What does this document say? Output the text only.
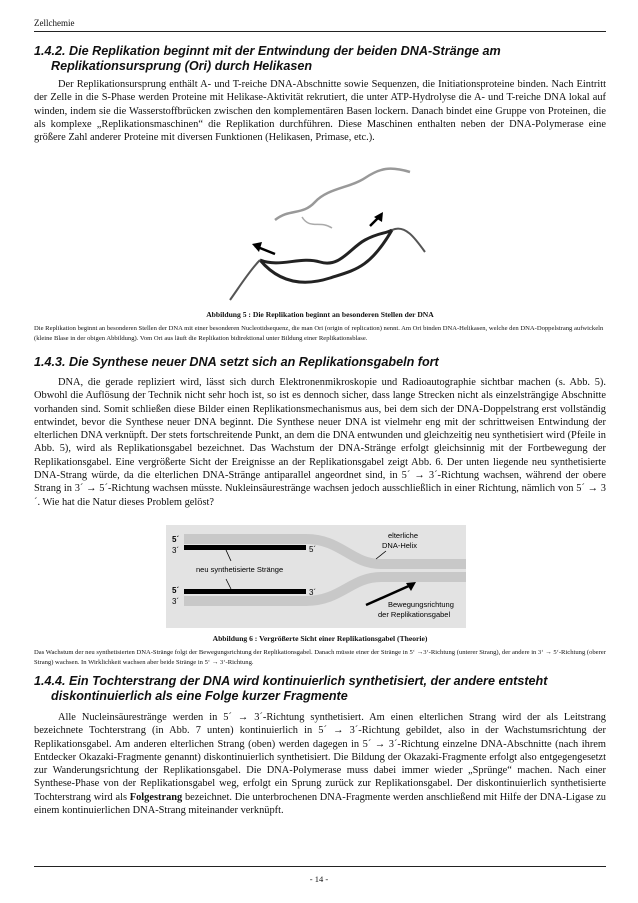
Zellchemie
1.4.2. Die Replikation beginnt mit der Entwindung der beiden DNA-Stränge am
Replikationsursprung (Ori) durch Helikasen
Der Replikationsursprung enthält A- und T-reiche DNA-Abschnitte sowie Sequenzen, die Initiationsproteine binden. Nach Eintritt der Zelle in die S-Phase werden Proteine mit Helikase-Aktivität rekrutiert, die unter ATP-Hydrolyse die A- und T-reiche DNA lokal auf winden, indem sie die Wasserstoffbrücken zwischen den komplementären Basen lockern. Danach bindet eine Gruppe von Proteinen, die als komplexe „Replikationsmaschinen“ die Replikation durchführen. Diese Maschinen enthalten neben der DNA-Polymerase eine größere Zahl anderer Proteine mit diversen Funktionen (Helikasen, Primase, etc.).
Abbildung 5 : Die Replikation beginnt an besonderen Stellen der DNA
Die Replikation beginnt an besonderen Stellen der DNA mit einer besonderen Nucleotidsequenz, die man Ori (origin of replication) nennt. Am Ori binden DNA-Helikasen, welche den DNA-Doppelstrang aufwickeln (kleine Blase in der obigen Abbildung). Vom Ori aus läuft die Replikation bidirektional unter Bildung einer Replikationsblase.
1.4.3. Die Synthese neuer DNA setzt sich an Replikationsgabeln fort
DNA, die gerade repliziert wird, lässt sich durch Elektronenmikroskopie und Radioautographie sichtbar machen (s. Abb. 5). Obwohl die Auflösung der Technik nicht sehr hoch ist, so ist es dennoch sicher, dass lange Strecken nicht als einzelsträngige Abschnitte vorhanden sind. Somit schließen diese Bilder einen Replikationsmechanismus aus, bei dem sich der DNA-Doppelstrang erst vollständig entwindet, bevor die Synthese neuer DNA beginnt. Die Synthese neuer DNA ist vielmehr eng mit der schrittweisen Entwindung der elterlichen DNA verknüpft. Der stets fortschreitende Punkt, an dem die DNA entwunden und gleichzeitig neu synthetisiert wird (Pfeile in Abb. 5), wird als Replikationsgabel bezeichnet. Das Wachstum der DNA-Stränge erfolgt gleichsinnig mit der Fortbewegung der Replikationsgabel. Eine vergrößerte Sicht der Ereignisse an der Replikationsgabel zeigt Abb. 6. Der unten liegende neu synthetisierte DNA-Strang würde, da die elterlichen DNA-Stränge antiparallel angeordnet sind, in 5´ → 3´-Richtung wachsen, während der obere Strang in 3´ → 5´-Richtung wachsen müsste. Nukleinsäurestränge wachsen jedoch ausschließlich in einer Richtung, nämlich von 5´ → 3´. Wie hat die Natur dieses Problem gelöst?
5´
3´	5´
neu synthetisierte Stränge
3´
5´
3´
elterliche
DNA-Helix
Bewegungsrichtung
der Replikationsgabel
Abbildung 6 : Vergrößerte Sicht einer Replikationsgabel (Theorie)
Das Wachstum der neu synthetisierten DNA-Stränge folgt der Bewegungsrichtung der Replikationsgabel. Danach müsste einer der Stränge in 5‘ →3‘-Richtung (unterer Strang), der andere in 3‘ → 5‘-Richtung (oberer Strang) wachsen. In Wirklichkeit wachsen aber beide Stränge in 5‘ → 3‘-Richtung.
1.4.4. Ein Tochterstrang der DNA wird kontinuierlich synthetisiert, der andere entsteht
diskontinuierlich als eine Folge kurzer Fragmente
Alle Nucleinsäurestränge werden in 5´ → 3´-Richtung synthetisiert. Am einen elterlichen Strang wird der als Leitstrang bezeichnete Tochterstrang (in Abb. 7 unten) kontinuierlich in 5´ → 3´-Richtung gebildet, also in der Wachstumsrichtung der Replikationsgabel. Am anderen elterlichen Strang (oben) werden dagegen in 5´ → 3´-Richtung einzelne DNA-Abschnitte (nach ihrem Entdecker Okazaki-Fragmente genannt) diskontinuierlich synthetisiert. Die Bildung der Okazaki-Fragmente erfolgt also entgegengesetzt zur Wanderungsrichtung der Replikationsgabel. Die DNA-Polymerase muss dabei immer wieder „Sprünge“ machen. Nach einer Synthese-Phase von der Replikationsgabel weg, erfolgt ein Sprung zurück zur Replikationsgabel. Der diskontinuierlich synthetisierte Tochterstrang wird als Folgestrang bezeichnet. Die unterbrochenen DNA-Fragmente werden anschließend mit Hilfe der DNA-Ligase zu einem kontinuierlichen DNA-Strang miteinander verknüpft.
- 14 -
